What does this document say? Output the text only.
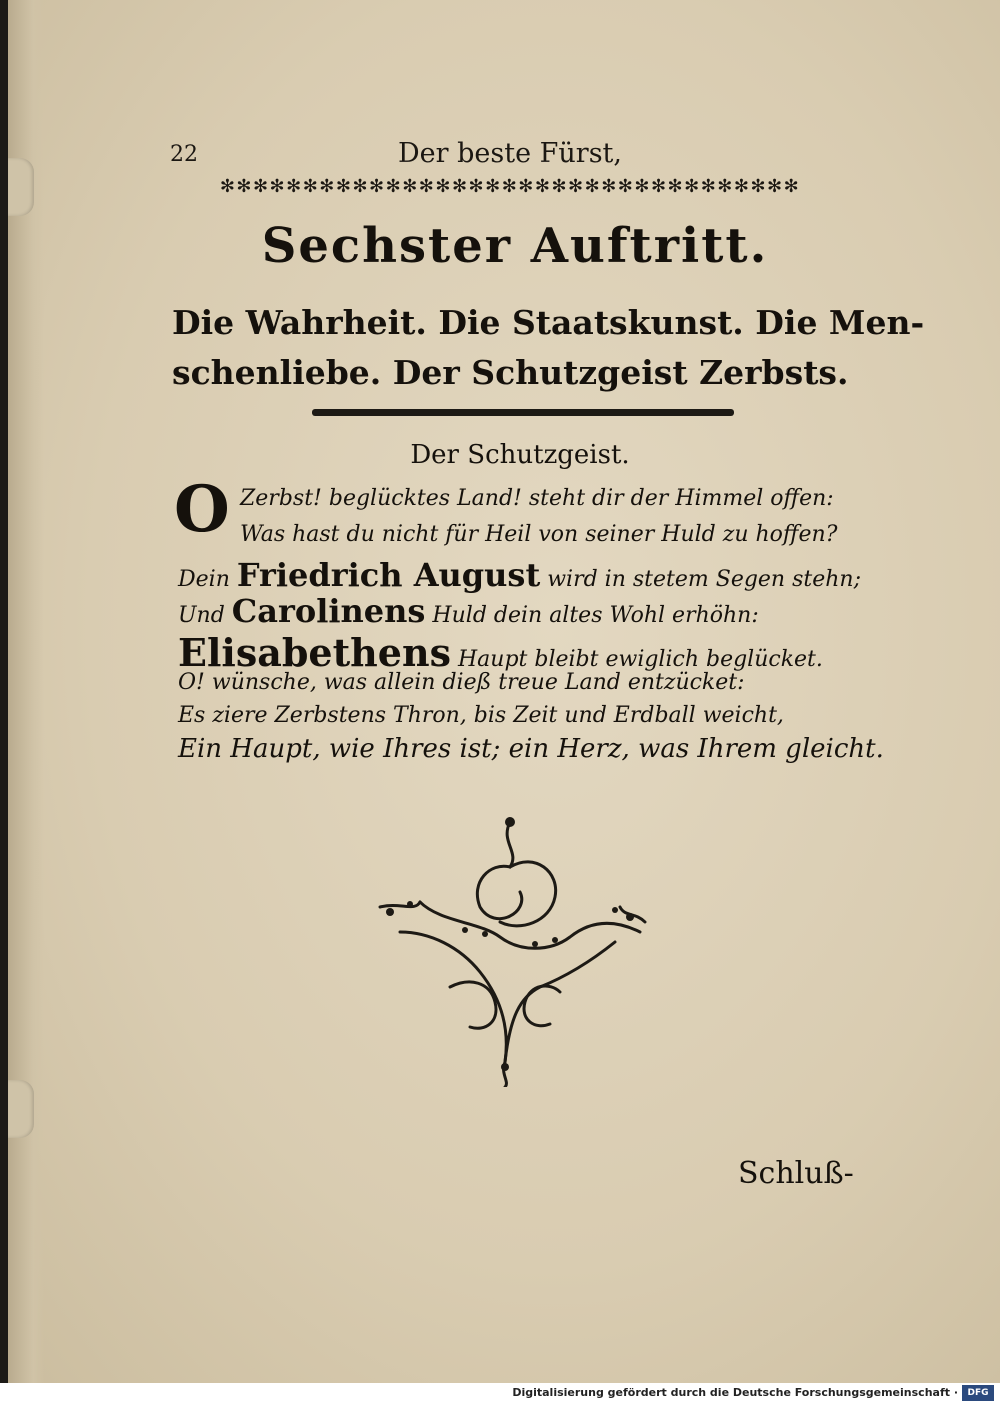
22	Der beste Fürst,
✻✻✻✻✻✻✻✻✻✻✻✻✻✻✻✻✻✻✻✻✻✻✻✻✻✻✻✻✻✻✻✻✻✻✻
Sechster Auftritt.
Die Wahrheit. Die Staatskunst. Die Men-
schenliebe. Der Schutzgeist Zerbsts.
Der Schutzgeist.
O Zerbst! beglücktes Land! steht dir der Himmel offen:
Was hast du nicht für Heil von seiner Huld zu hoffen?
Dein Friedrich August wird in stetem Segen stehn;
Und Carolinens Huld dein altes Wohl erhöhn:
Elisabethens Haupt bleibt ewiglich beglücket.
O! wünsche, was allein dieß treue Land entzücket:
Es ziere Zerbstens Thron, bis Zeit und Erdball weicht,
Ein Haupt, wie Ihres ist; ein Herz, was Ihrem gleicht.
Schluß-
Digitalisierung gefördert durch die Deutsche Forschungsgemeinschaft ·	DFG
